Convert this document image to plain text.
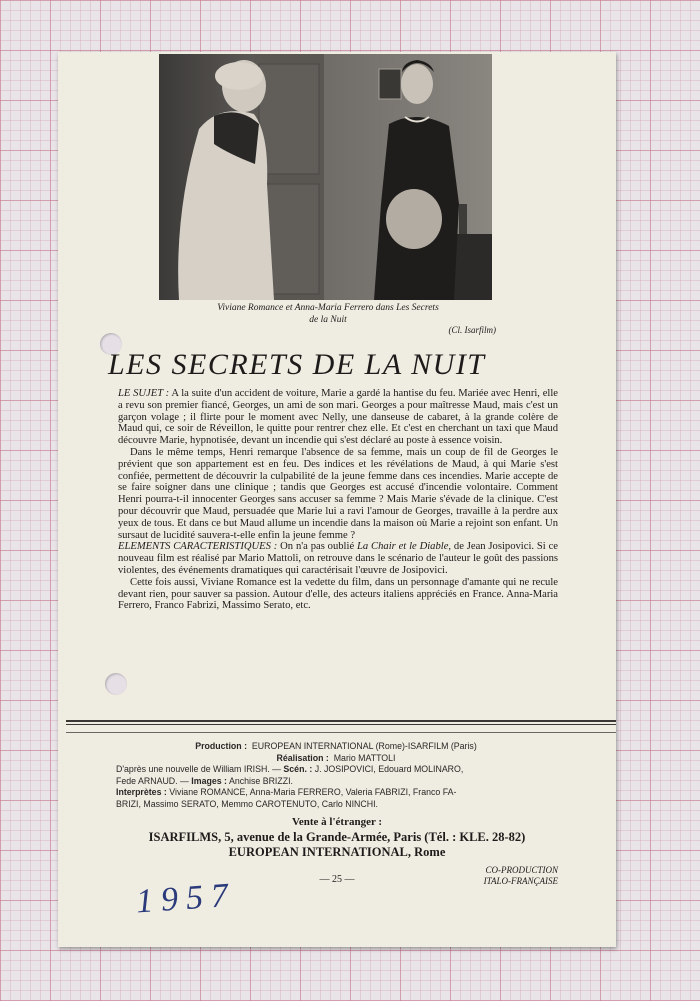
Viviane Romance et Anna-Maria Ferrero dans Les Secrets
de la Nuit
(Cl. Isarfilm)
LES SECRETS DE LA NUIT

LE SUJET : A la suite d'un accident de voiture, Marie a gardé la hantise du feu. Mariée avec Henri, elle a revu son premier fiancé, Georges, un ami de son mari. Georges a pour maîtresse Maud, mais c'est un garçon volage ; il flirte pour le moment avec Nelly, une danseuse de cabaret, à la grande colère de Maud qui, ce soir de Réveillon, le quitte pour rentrer chez elle. Et c'est en cherchant un taxi que Maud découvre Marie, hypnotisée, devant un incendie qui s'est déclaré au poste à essence voisin.

Dans le même temps, Henri remarque l'absence de sa femme, mais un coup de fil de Georges le prévient que son appartement est en feu. Des indices et les révélations de Maud, à qui Marie s'est confiée, permettent de découvrir la culpabilité de la jeune femme dans ces incendies. Marie accepte de se faire soigner dans une clinique ; tandis que Georges est accusé d'incendie volontaire. Comment Henri pourra-t-il innocenter Georges sans accuser sa femme ? Mais Marie s'évade de la clinique. C'est pour découvrir que Maud, persuadée que Marie lui a ravi l'amour de Georges, travaille à la perdre aux yeux de tous. Et dans ce but Maud allume un incendie dans la maison où Marie a rejoint son enfant. Un sursaut de lucidité sauvera-t-elle enfin la jeune femme ?

ELEMENTS CARACTERISTIQUES : On n'a pas oublié La Chair et le Diable, de Jean Josipovici. Si ce nouveau film est réalisé par Mario Mattoli, on retrouve dans le scénario de l'auteur le goût des passions violentes, des événements dramatiques qui caractérisait l'œuvre de Josipovici.

Cette fois aussi, Viviane Romance est la vedette du film, dans un personnage d'amante qui ne recule devant rien, pour sauver sa passion. Autour d'elle, des acteurs italiens appréciés en France. Anna-Maria Ferrero, Franco Fabrizi, Massimo Serato, etc.

Production : EUROPEAN INTERNATIONAL (Rome)-ISARFILM (Paris)
Réalisation : Mario MATTOLI
D'après une nouvelle de William IRISH. — Scén. : J. JOSIPOVICI, Edouard MOLINARO,
Fede ARNAUD. — Images : Anchise BRIZZI.
Interprètes : Viviane ROMANCE, Anna-Maria FERRERO, Valeria FABRIZI, Franco FA-
BRIZI, Massimo SERATO, Memmo CAROTENUTO, Carlo NINCHI.
Vente à l'étranger :
ISARFILMS, 5, avenue de la Grande-Armée, Paris (Tél. : KLE. 28-82)
EUROPEAN INTERNATIONAL, Rome
CO-PRODUCTION
ITALO-FRANÇAISE
— 25 —
1957
